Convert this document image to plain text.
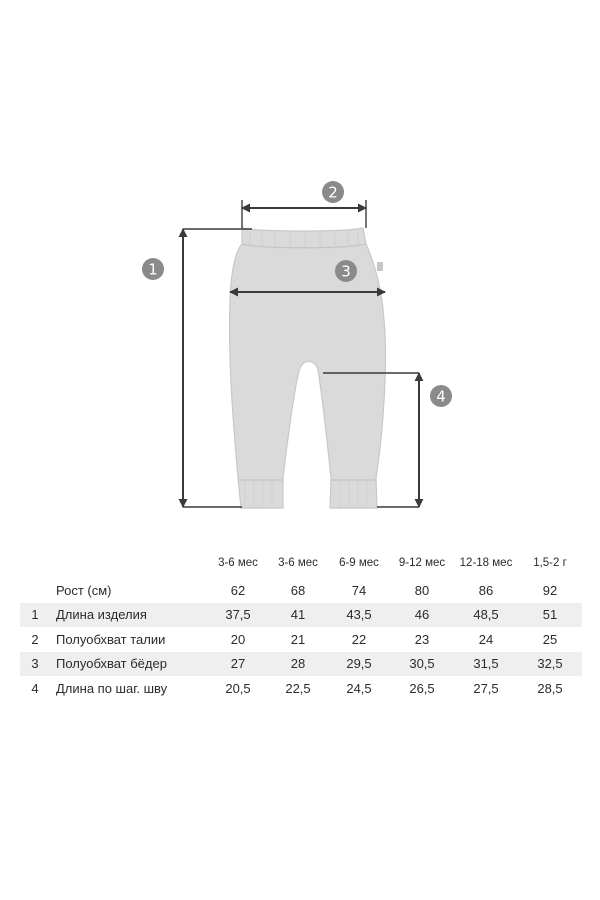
1
2
3
4
		3-6 мес	3-6 мес	6-9 мес	9-12 мес	12-18 мес	1,5-2 г
	Рост (см)	62	68	74	80	86	92
1	Длина изделия	37,5	41	43,5	46	48,5	51
2	Полуобхват талии	20	21	22	23	24	25
3	Полуобхват бёдер	27	28	29,5	30,5	31,5	32,5
4	Длина по шаг. шву	20,5	22,5	24,5	26,5	27,5	28,5
